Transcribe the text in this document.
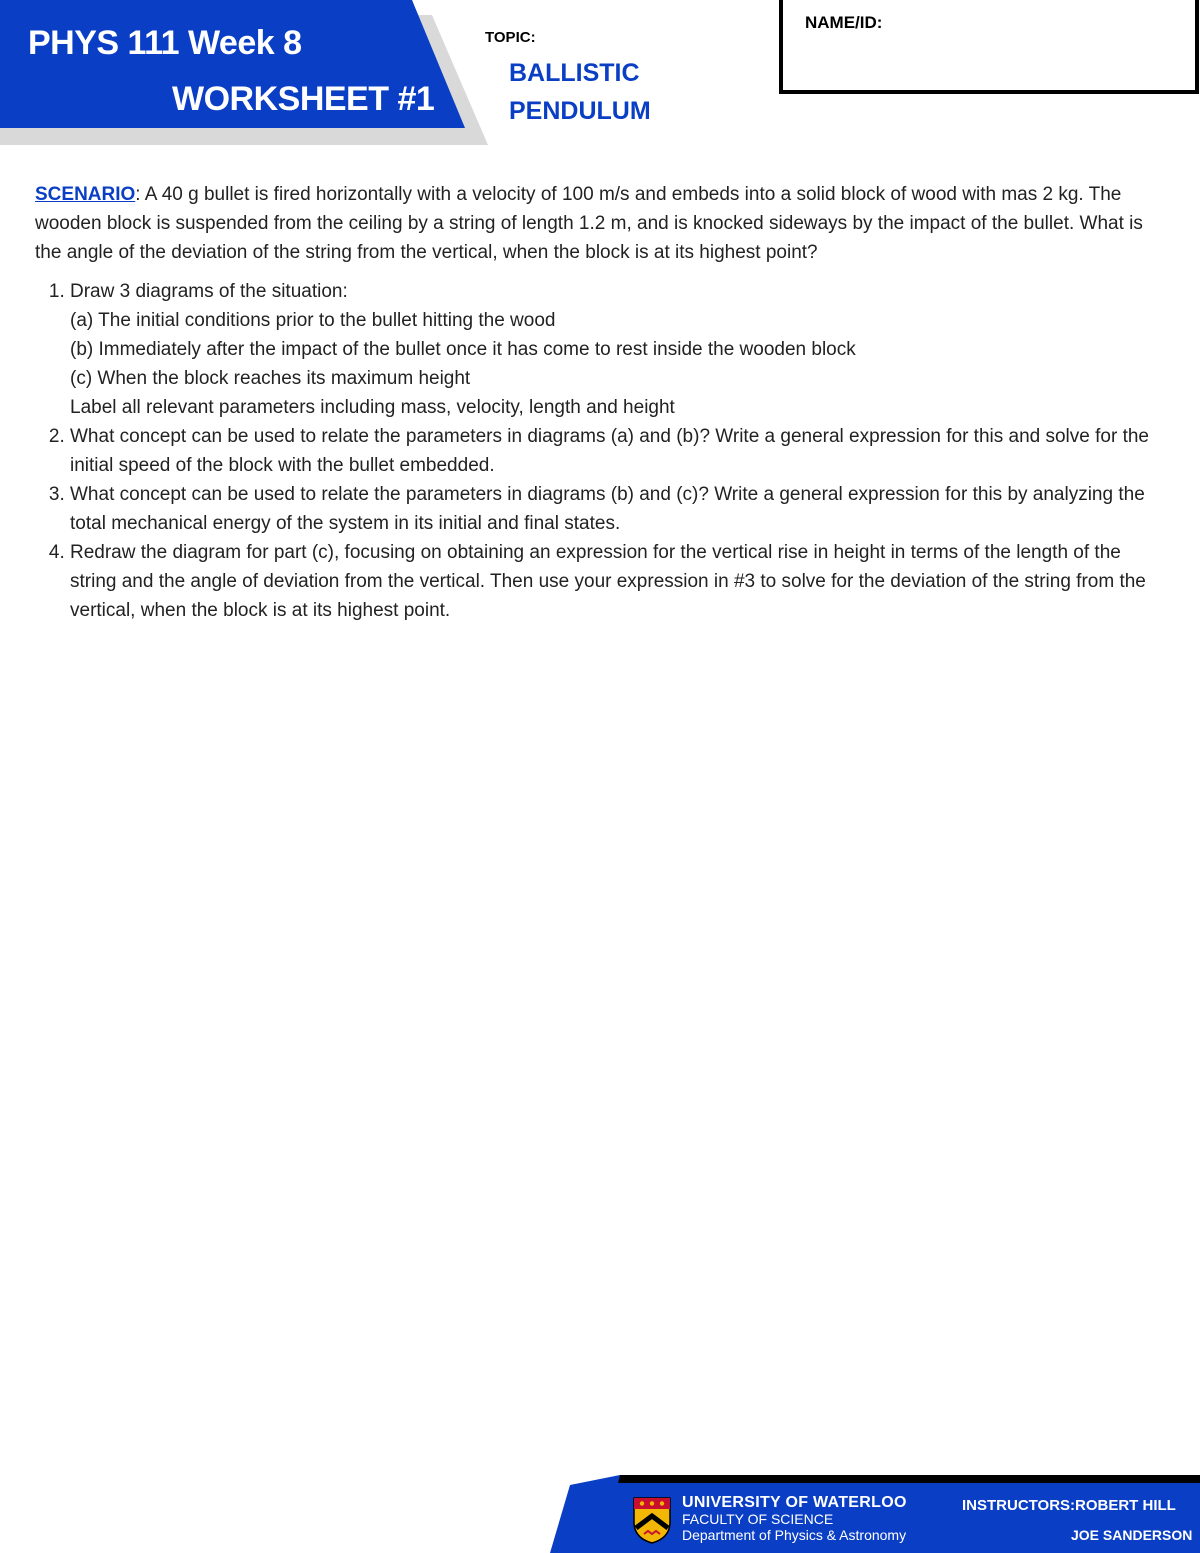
PHYS 111 Week 8
WORKSHEET #1
TOPIC:
BALLISTIC
PENDULUM
NAME/ID:

SCENARIO: A 40 g bullet is fired horizontally with a velocity of 100 m/s and embeds into a solid block of wood with mas 2 kg. The wooden block is suspended from the ceiling by a string of length 1.2 m, and is knocked sideways by the impact of the bullet. What is the angle of the deviation of the string from the vertical, when the block is at its highest point?

1. Draw 3 diagrams of the situation:
(a) The initial conditions prior to the bullet hitting the wood
(b) Immediately after the impact of the bullet once it has come to rest inside the wooden block
(c) When the block reaches its maximum height
Label all relevant parameters including mass, velocity, length and height
2. What concept can be used to relate the parameters in diagrams (a) and (b)? Write a general expression for this and solve for the initial speed of the block with the bullet embedded.
3. What concept can be used to relate the parameters in diagrams (b) and (c)? Write a general expression for this by analyzing the total mechanical energy of the system in its initial and final states.
4. Redraw the diagram for part (c), focusing on obtaining an expression for the vertical rise in height in terms of the length of the string and the angle of deviation from the vertical. Then use your expression in #3 to solve for the deviation of the string from the vertical, when the block is at its highest point.
UNIVERSITY OF WATERLOO
FACULTY OF SCIENCE
Department of Physics & Astronomy
INSTRUCTORS: ROBERT HILL
JOE SANDERSON
